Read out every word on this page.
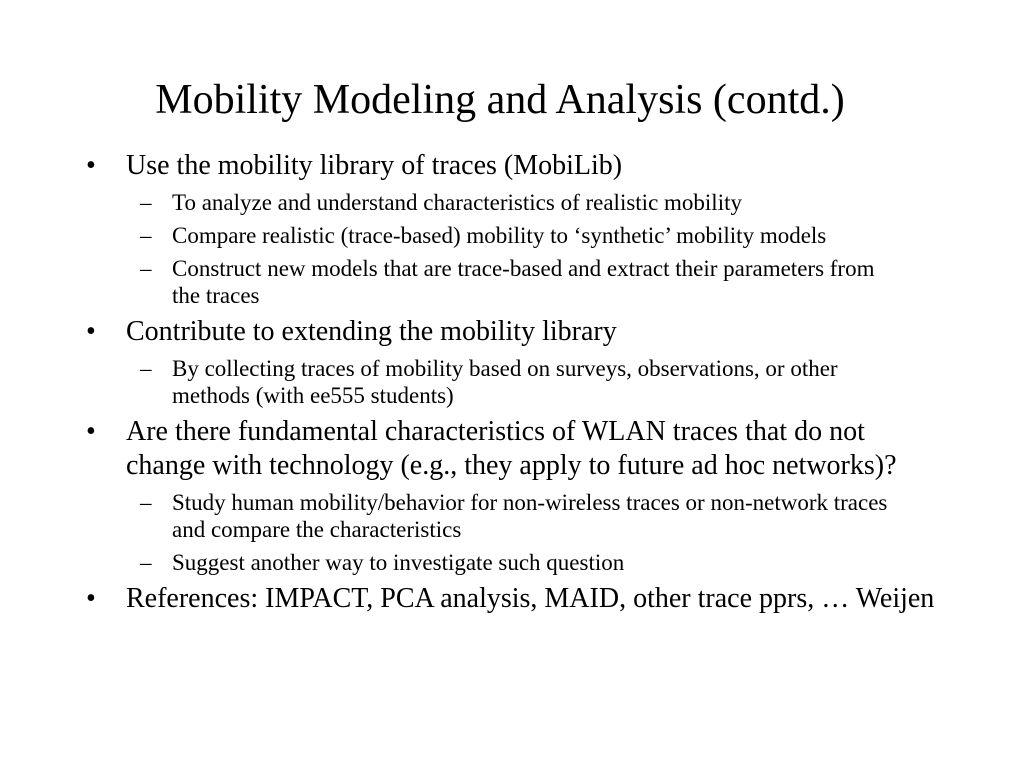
Mobility Modeling and Analysis (contd.)
• Use the mobility library of traces (MobiLib)
– To analyze and understand characteristics of realistic mobility
– Compare realistic (trace-based) mobility to ‘synthetic’ mobility models
– Construct new models that are trace-based and extract their parameters from the traces
• Contribute to extending the mobility library
– By collecting traces of mobility based on surveys, observations, or other methods (with ee555 students)
• Are there fundamental characteristics of WLAN traces that do not change with technology (e.g., they apply to future ad hoc networks)?
– Study human mobility/behavior for non-wireless traces or non-network traces and compare the characteristics
– Suggest another way to investigate such question
• References: IMPACT, PCA analysis, MAID, other trace pprs, … Weijen
